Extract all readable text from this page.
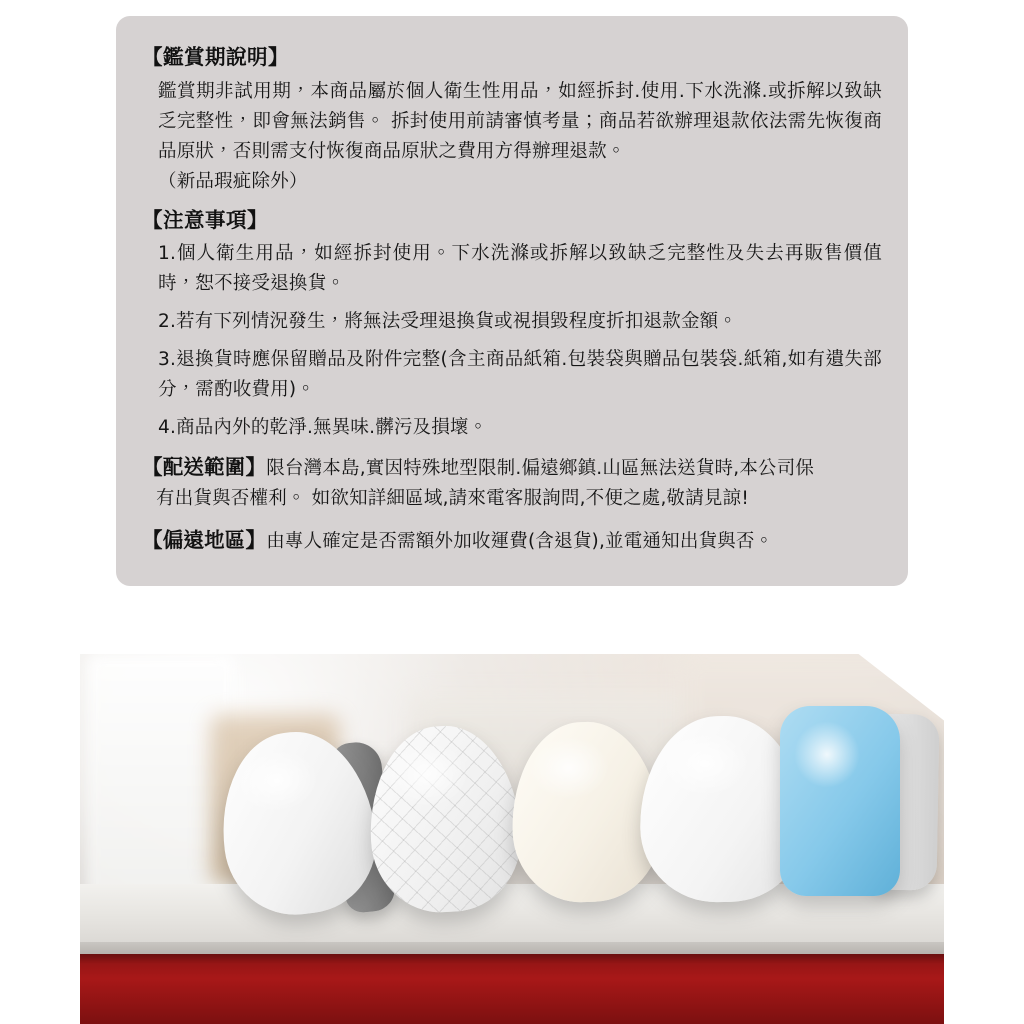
【鑑賞期說明】

鑑賞期非試用期，本商品屬於個人衛生性用品，如經拆封.使用.下水洗滌.或拆解以致缺乏完整性，即會無法銷售。 拆封使用前請審慎考量；商品若欲辦理退款依法需先恢復商品原狀，否則需支付恢復商品原狀之費用方得辦理退款。

（新品瑕疵除外）

【注意事項】

1.個人衛生用品，如經拆封使用。下水洗滌或拆解以致缺乏完整性及失去再販售價值時，恕不接受退換貨。

2.若有下列情況發生，將無法受理退換貨或視損毀程度折扣退款金額。

3.退換貨時應保留贈品及附件完整(含主商品紙箱.包裝袋與贈品包裝袋.紙箱,如有遺失部分，需酌收費用)。

4.商品內外的乾淨.無異味.髒污及損壞。

【配送範圍】限台灣本島,實因特殊地型限制.偏遠鄉鎮.山區無法送貨時,本公司保
有出貨與否權利。 如欲知詳細區域,請來電客服詢問,不便之處,敬請見諒!
【偏遠地區】由專人確定是否需額外加收運費(含退貨),並電通知出貨與否。
